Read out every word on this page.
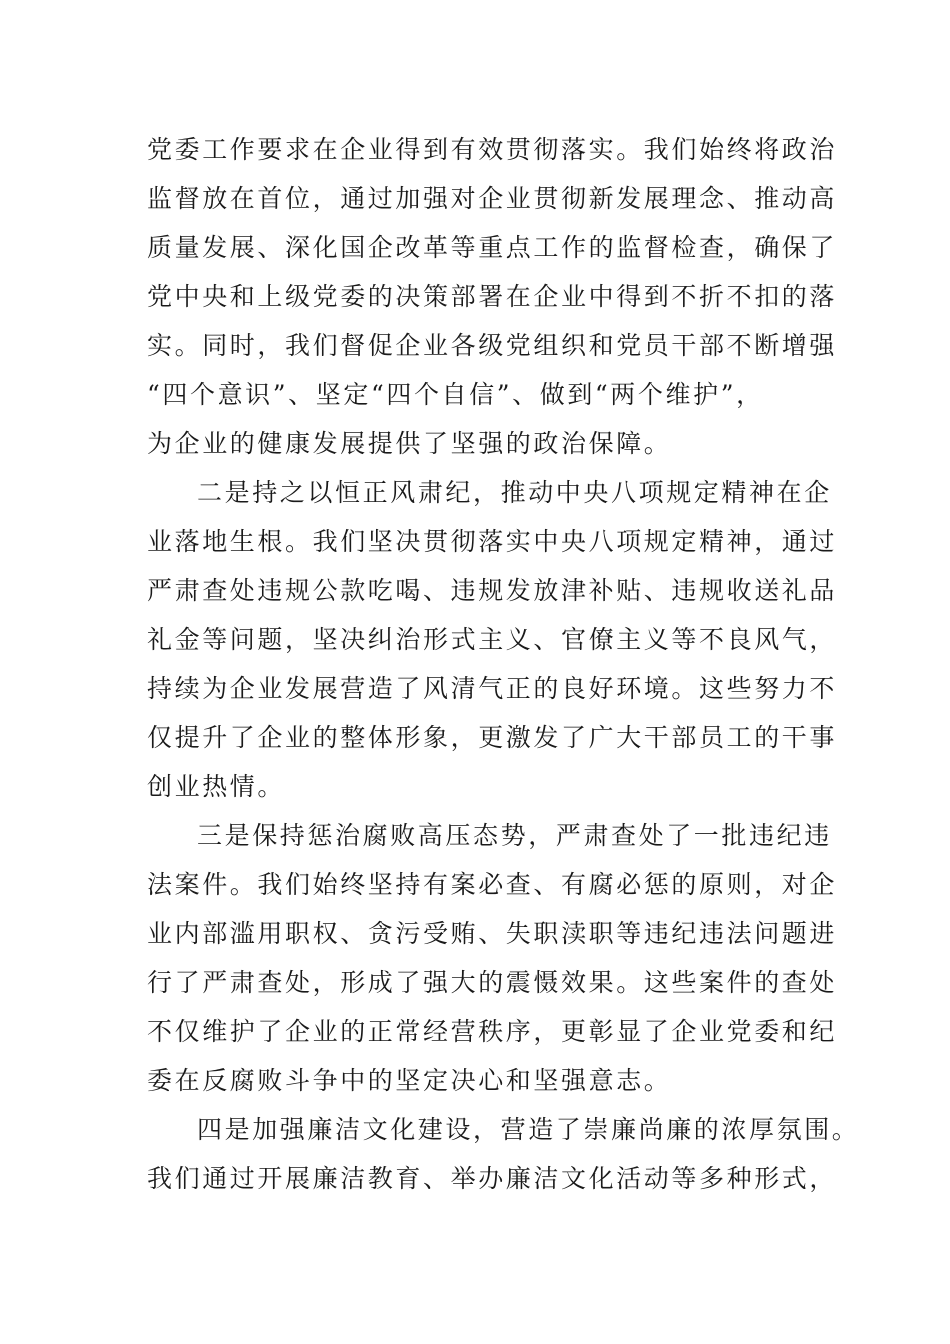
党委工作要求在企业得到有效贯彻落实。我们始终将政治
监督放在首位，通过加强对企业贯彻新发展理念、推动高
质量发展、深化国企改革等重点工作的监督检查，确保了
党中央和上级党委的决策部署在企业中得到不折不扣的落
实。同时，我们督促企业各级党组织和党员干部不断增强
“四个意识”、坚定“四个自信”、做到“两个维护”，
为企业的健康发展提供了坚强的政治保障。
二是持之以恒正风肃纪，推动中央八项规定精神在企
业落地生根。我们坚决贯彻落实中央八项规定精神，通过
严肃查处违规公款吃喝、违规发放津补贴、违规收送礼品
礼金等问题，坚决纠治形式主义、官僚主义等不良风气，
持续为企业发展营造了风清气正的良好环境。这些努力不
仅提升了企业的整体形象，更激发了广大干部员工的干事
创业热情。
三是保持惩治腐败高压态势，严肃查处了一批违纪违
法案件。我们始终坚持有案必查、有腐必惩的原则，对企
业内部滥用职权、贪污受贿、失职渎职等违纪违法问题进
行了严肃查处，形成了强大的震慑效果。这些案件的查处
不仅维护了企业的正常经营秩序，更彰显了企业党委和纪
委在反腐败斗争中的坚定决心和坚强意志。
四是加强廉洁文化建设，营造了崇廉尚廉的浓厚氛围。
我们通过开展廉洁教育、举办廉洁文化活动等多种形式，
